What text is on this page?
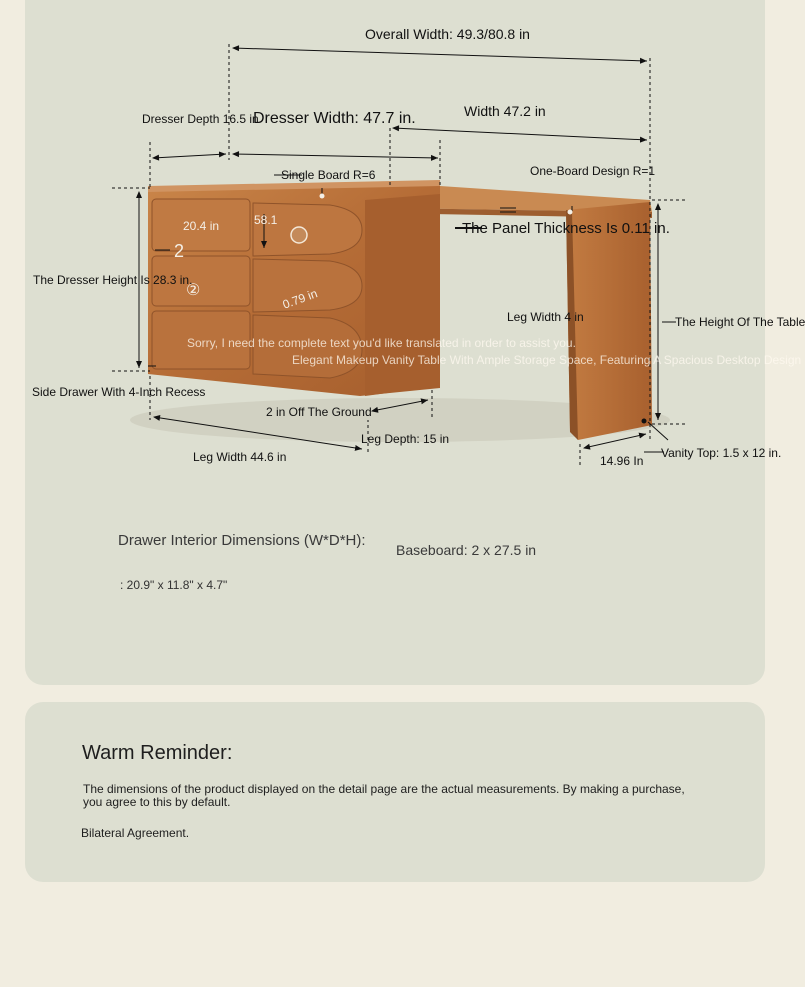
Overall Width: 49.3/80.8 in
Dresser Depth 16.5 in
Dresser Width: 47.7 in.	Width 47.2 in
Single Board R=6	One-Board Design R=1
The Panel Thickness Is 0.11 in.
20.4 in	58.1
2
②
The Dresser Height Is 28.3 in.
0.79 in
Leg Width 4 in	The Height Of The Table
Sorry, I need the complete text you'd like translated in order to assist you.
Elegant Makeup Vanity Table With Ample Storage Space, Featuring A Spacious Desktop Design
Side Drawer With 4-Inch Recess
2 in Off The Ground
Leg Depth: 15 in
Leg Width 44.6 in	14.96 In
Vanity Top: 1.5 x 12 in.
Drawer Interior Dimensions (W*D*H):
: 20.9" x 11.8" x 4.7"
Baseboard: 2 x 27.5 in
Warm Reminder:
The dimensions of the product displayed on the detail page are the actual measurements. By making a purchase, you agree to this by default.
Bilateral Agreement.
